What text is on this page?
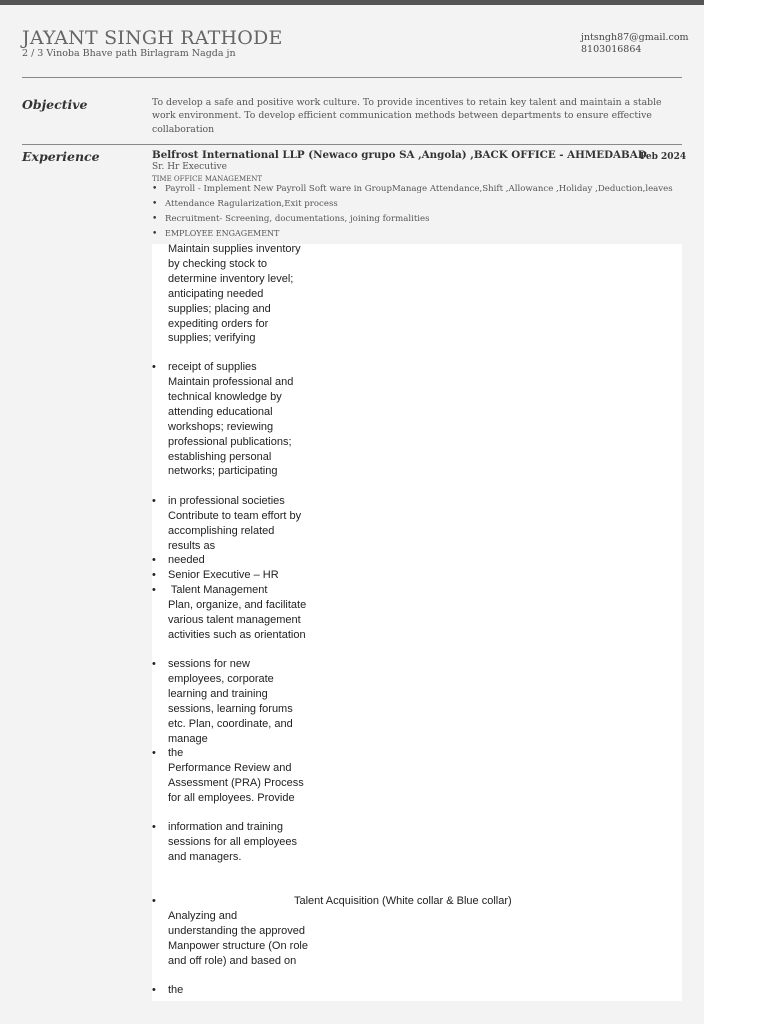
JAYANT SINGH RATHODE
2 / 3 Vinoba Bhave path Birlagram Nagda jn
jntsngh87@gmail.com
8103016864
Objective	To develop a safe and positive work culture. To provide incentives to retain key talent and maintain a stable work environment. To develop efficient communication methods between departments to ensure effective collaboration
Experience	Belfrost International LLP (Newaco grupo SA ,Angola) ,BACK OFFICE - AHMEDABAD
Feb 2024
Sr. Hr Executive
TIME OFFICE MANAGEMENT
• Payroll - Implement New Payroll Soft ware in GroupManage Attendance,Shift ,Allowance ,Holiday ,Deduction,leaves
• Attendance Ragularization,Exit process
• Recruitment- Screening, documentations, joining formalities
• EMPLOYEE ENGAGEMENT
Maintain supplies inventory by checking stock to determine inventory level; anticipating needed supplies; placing and expediting orders for supplies; verifying
• receipt of supplies
Maintain professional and technical knowledge by attending educational workshops; reviewing professional publications; establishing personal networks; participating
• in professional societies
Contribute to team effort by accomplishing related results as
• needed
• Senior Executive – HR
• Talent Management
Plan, organize, and facilitate various talent management activities such as orientation
• sessions for new employees, corporate learning and training sessions, learning forums etc. Plan, coordinate, and manage
• the
Performance Review and Assessment (PRA) Process for all employees. Provide
• information and training sessions for all employees and managers.
•	Talent Acquisition (White collar & Blue collar)
Analyzing and understanding the approved Manpower structure (On role and off role) and based on
• the
